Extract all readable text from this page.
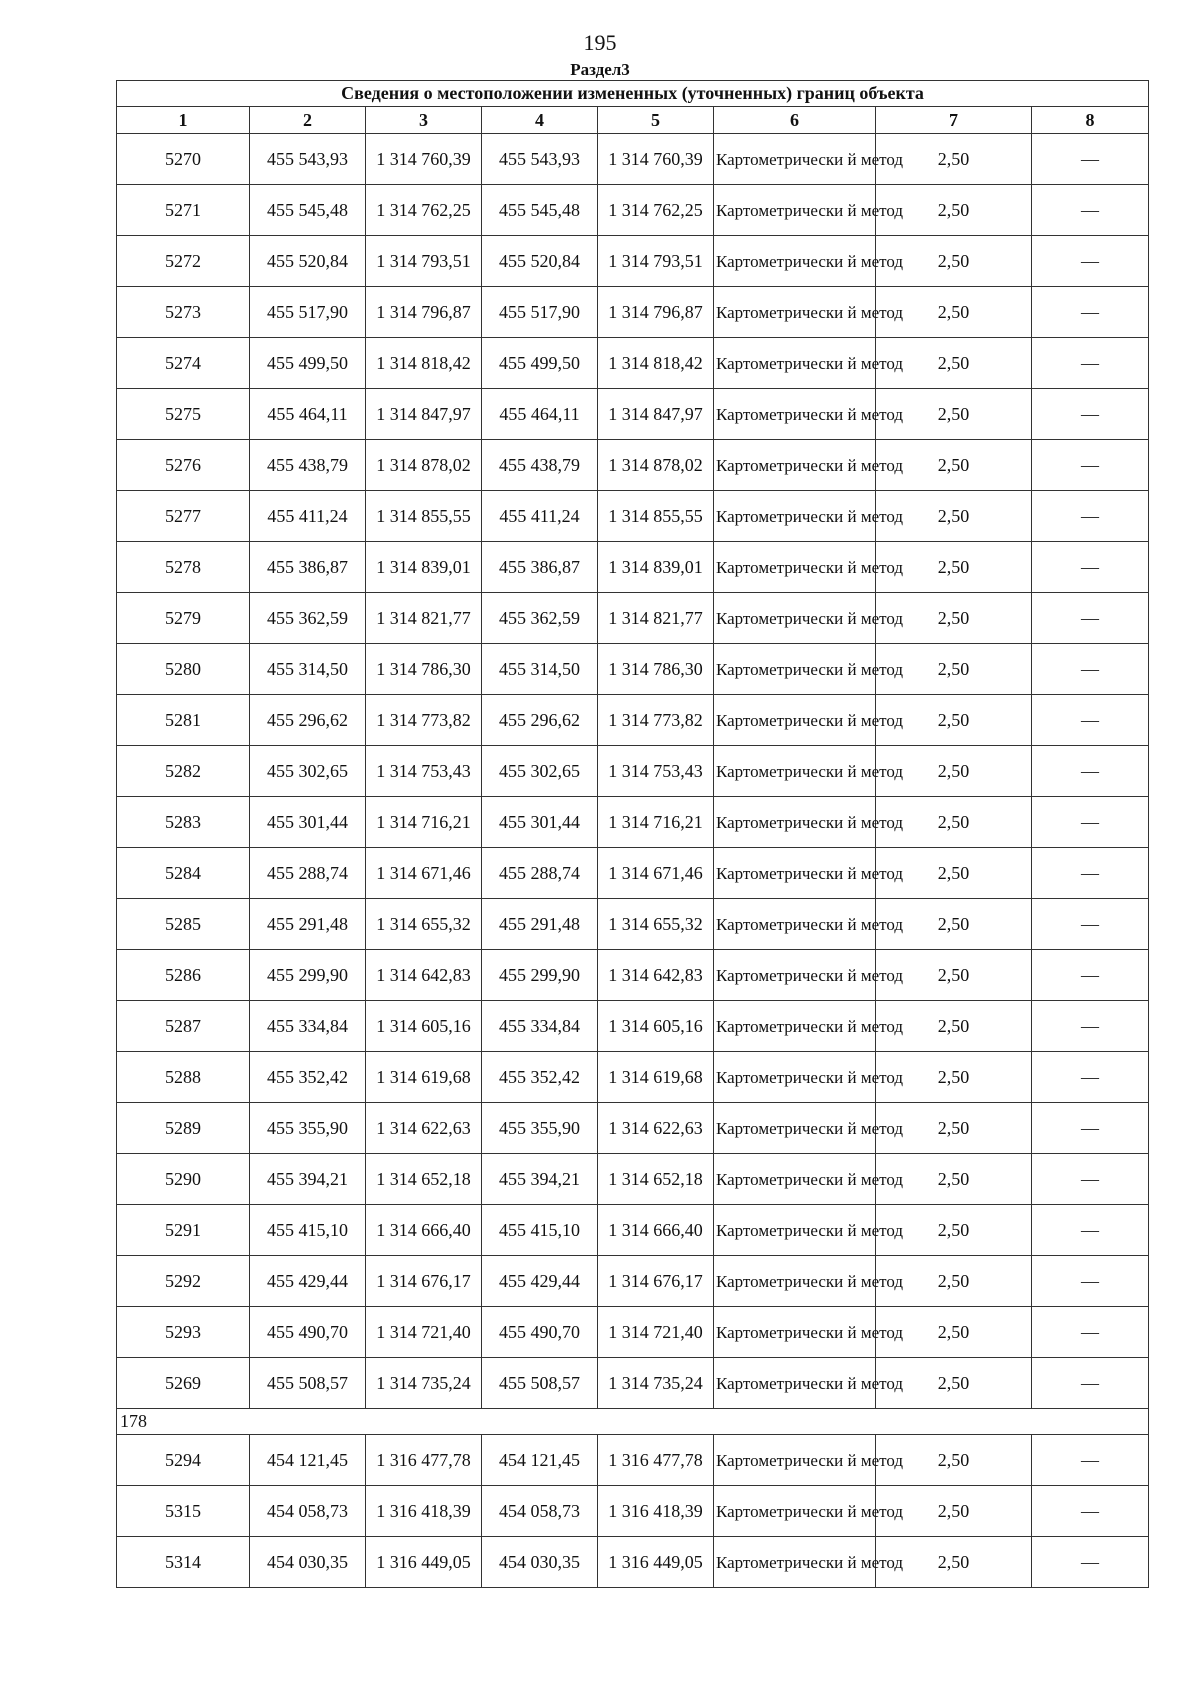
195
Раздел3
Сведения о местоположении измененных (уточненных) границ объекта							
1	2	3	4	5	6	7	8
5270	455 543,93	1 314 760,39	455 543,93	1 314 760,39	Картометрически й метод	2,50	—
5271	455 545,48	1 314 762,25	455 545,48	1 314 762,25	Картометрически й метод	2,50	—
5272	455 520,84	1 314 793,51	455 520,84	1 314 793,51	Картометрически й метод	2,50	—
5273	455 517,90	1 314 796,87	455 517,90	1 314 796,87	Картометрически й метод	2,50	—
5274	455 499,50	1 314 818,42	455 499,50	1 314 818,42	Картометрически й метод	2,50	—
5275	455 464,11	1 314 847,97	455 464,11	1 314 847,97	Картометрически й метод	2,50	—
5276	455 438,79	1 314 878,02	455 438,79	1 314 878,02	Картометрически й метод	2,50	—
5277	455 411,24	1 314 855,55	455 411,24	1 314 855,55	Картометрически й метод	2,50	—
5278	455 386,87	1 314 839,01	455 386,87	1 314 839,01	Картометрически й метод	2,50	—
5279	455 362,59	1 314 821,77	455 362,59	1 314 821,77	Картометрически й метод	2,50	—
5280	455 314,50	1 314 786,30	455 314,50	1 314 786,30	Картометрически й метод	2,50	—
5281	455 296,62	1 314 773,82	455 296,62	1 314 773,82	Картометрически й метод	2,50	—
5282	455 302,65	1 314 753,43	455 302,65	1 314 753,43	Картометрически й метод	2,50	—
5283	455 301,44	1 314 716,21	455 301,44	1 314 716,21	Картометрически й метод	2,50	—
5284	455 288,74	1 314 671,46	455 288,74	1 314 671,46	Картометрически й метод	2,50	—
5285	455 291,48	1 314 655,32	455 291,48	1 314 655,32	Картометрически й метод	2,50	—
5286	455 299,90	1 314 642,83	455 299,90	1 314 642,83	Картометрически й метод	2,50	—
5287	455 334,84	1 314 605,16	455 334,84	1 314 605,16	Картометрически й метод	2,50	—
5288	455 352,42	1 314 619,68	455 352,42	1 314 619,68	Картометрически й метод	2,50	—
5289	455 355,90	1 314 622,63	455 355,90	1 314 622,63	Картометрически й метод	2,50	—
5290	455 394,21	1 314 652,18	455 394,21	1 314 652,18	Картометрически й метод	2,50	—
5291	455 415,10	1 314 666,40	455 415,10	1 314 666,40	Картометрически й метод	2,50	—
5292	455 429,44	1 314 676,17	455 429,44	1 314 676,17	Картометрически й метод	2,50	—
5293	455 490,70	1 314 721,40	455 490,70	1 314 721,40	Картометрически й метод	2,50	—
5269	455 508,57	1 314 735,24	455 508,57	1 314 735,24	Картометрически й метод	2,50	—
178							
5294	454 121,45	1 316 477,78	454 121,45	1 316 477,78	Картометрически й метод	2,50	—
5315	454 058,73	1 316 418,39	454 058,73	1 316 418,39	Картометрически й метод	2,50	—
5314	454 030,35	1 316 449,05	454 030,35	1 316 449,05	Картометрически й метод	2,50	—
